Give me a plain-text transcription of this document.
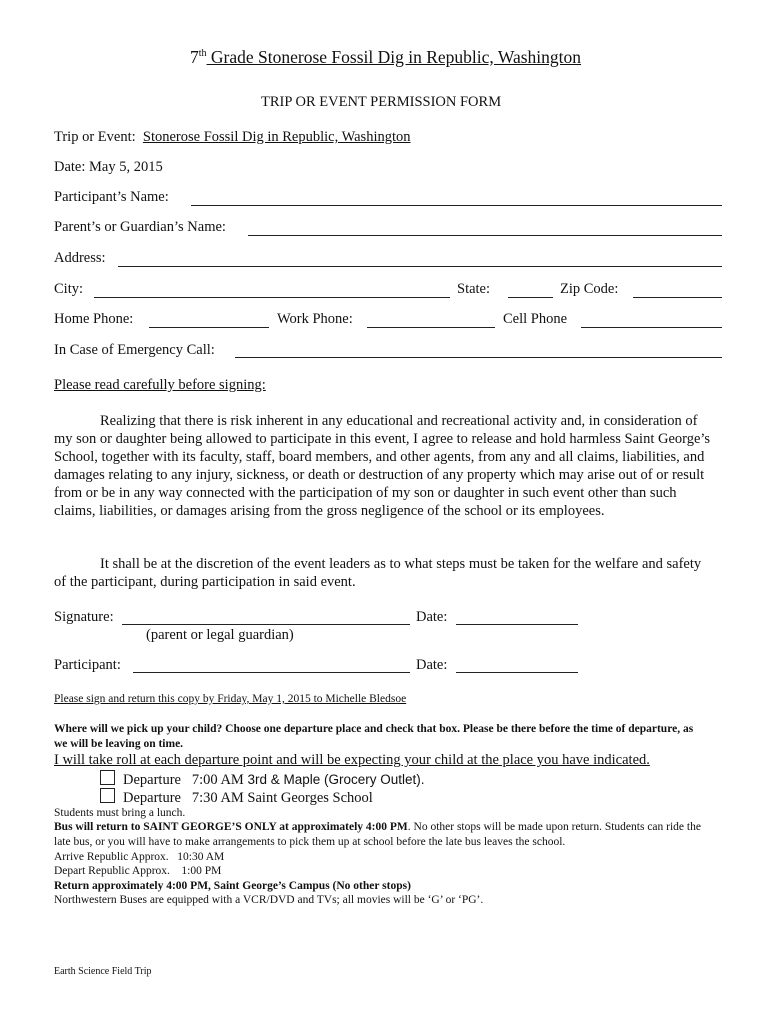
7th Grade Stonerose Fossil Dig in Republic, Washington
TRIP OR EVENT PERMISSION FORM
Trip or Event: Stonerose Fossil Dig in Republic, Washington
Date: May 5, 2015
Participant’s Name:
Parent’s or Guardian’s Name:
Address:
City:	State:	Zip Code:
Home Phone:	Work Phone:	Cell Phone
In Case of Emergency Call:
Please read carefully before signing:
Realizing that there is risk inherent in any educational and recreational activity and, in consideration of my son or daughter being allowed to participate in this event, I agree to release and hold harmless Saint George’s School, together with its faculty, staff, board members, and other agents, from any and all claims, liabilities, and damages relating to any injury, sickness, or death or destruction of any property which may arise out of or result from or be in any way connected with the participation of my son or daughter in such event other than such claims, liabilities, or damages arising from the gross negligence of the school or its employees.
It shall be at the discretion of the event leaders as to what steps must be taken for the welfare and safety of the participant, during participation in said event.
Signature:	Date:
(parent or legal guardian)
Participant:	Date:
Please sign and return this copy by Friday, May 1, 2015 to Michelle Bledsoe
Where will we pick up your child? Choose one departure place and check that box. Please be there before the time of departure, as we will be leaving on time.
I will take roll at each departure point and will be expecting your child at the place you have indicated.
Departure 7:00 AM 3rd & Maple (Grocery Outlet).
Departure   7:30 AM Saint Georges School
Students must bring a lunch.
Bus will return to SAINT GEORGE’S ONLY at approximately 4:00 PM. No other stops will be made upon return. Students can ride the late bus, or you will have to make arrangements to pick them up at school before the late bus leaves the school.
Arrive Republic Approx.   10:30 AM
Depart Republic Approx.    1:00 PM
Return approximately 4:00 PM, Saint George’s Campus (No other stops)
Northwestern Buses are equipped with a VCR/DVD and TVs; all movies will be ‘G’ or ‘PG’.
Earth Science Field Trip
